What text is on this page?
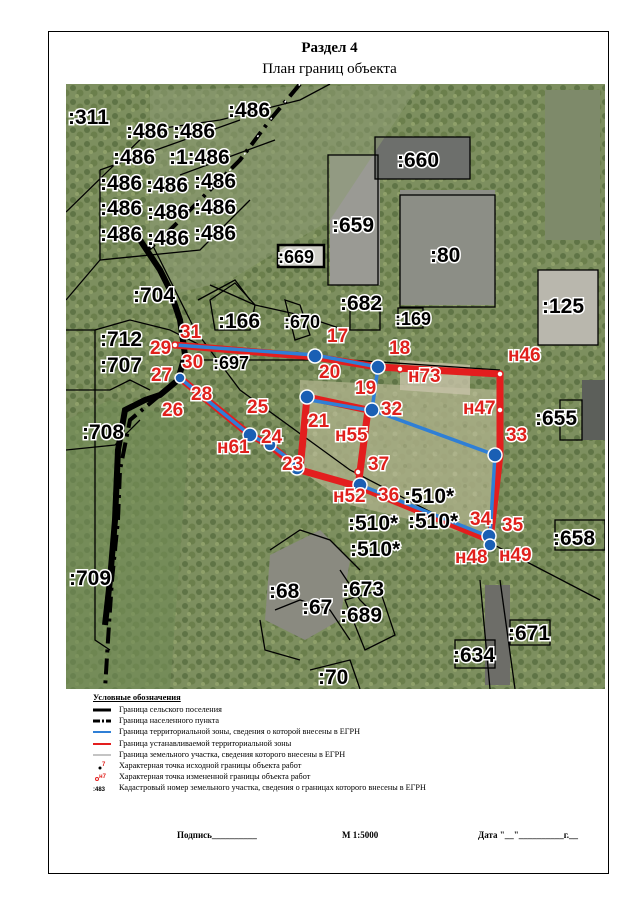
Раздел 4
План границ объекта
:311	:486
:486 :486
:486 :1:486
:486 :486 :486
:486 :486 :486
:486 :486 :486
:660
:659
:80
:669
:704	:682	:125
:166 :670	:169
:712
:707	:697
:655
:708
:510*
:510* :510*
:510*	:658
:709
:68
:67
:673
:689
:671
:634
:70
31
29
30
27
17
18
20	н73
н46
19
32
28
26	25
21
н55
н47
33
н61 24
23	37
н52 36
34 35
н48 н49
Условные обозначения
Граница сельского поселения
Граница населенного пункта
Граница территориальной зоны, сведения о которой внесены в ЕГРН
Граница устанавливаемой территориальной зоны
Граница земельного участка, сведения которого внесены в ЕГРН
7 Характерная точка исходной границы объекта работ
н7 Характерная точка измененной границы объекта работ
:483 Кадастровый номер земельного участка, сведения о границах которого внесены в ЕГРН
Подпись__________	М 1:5000	Дата "__"__________г.__
